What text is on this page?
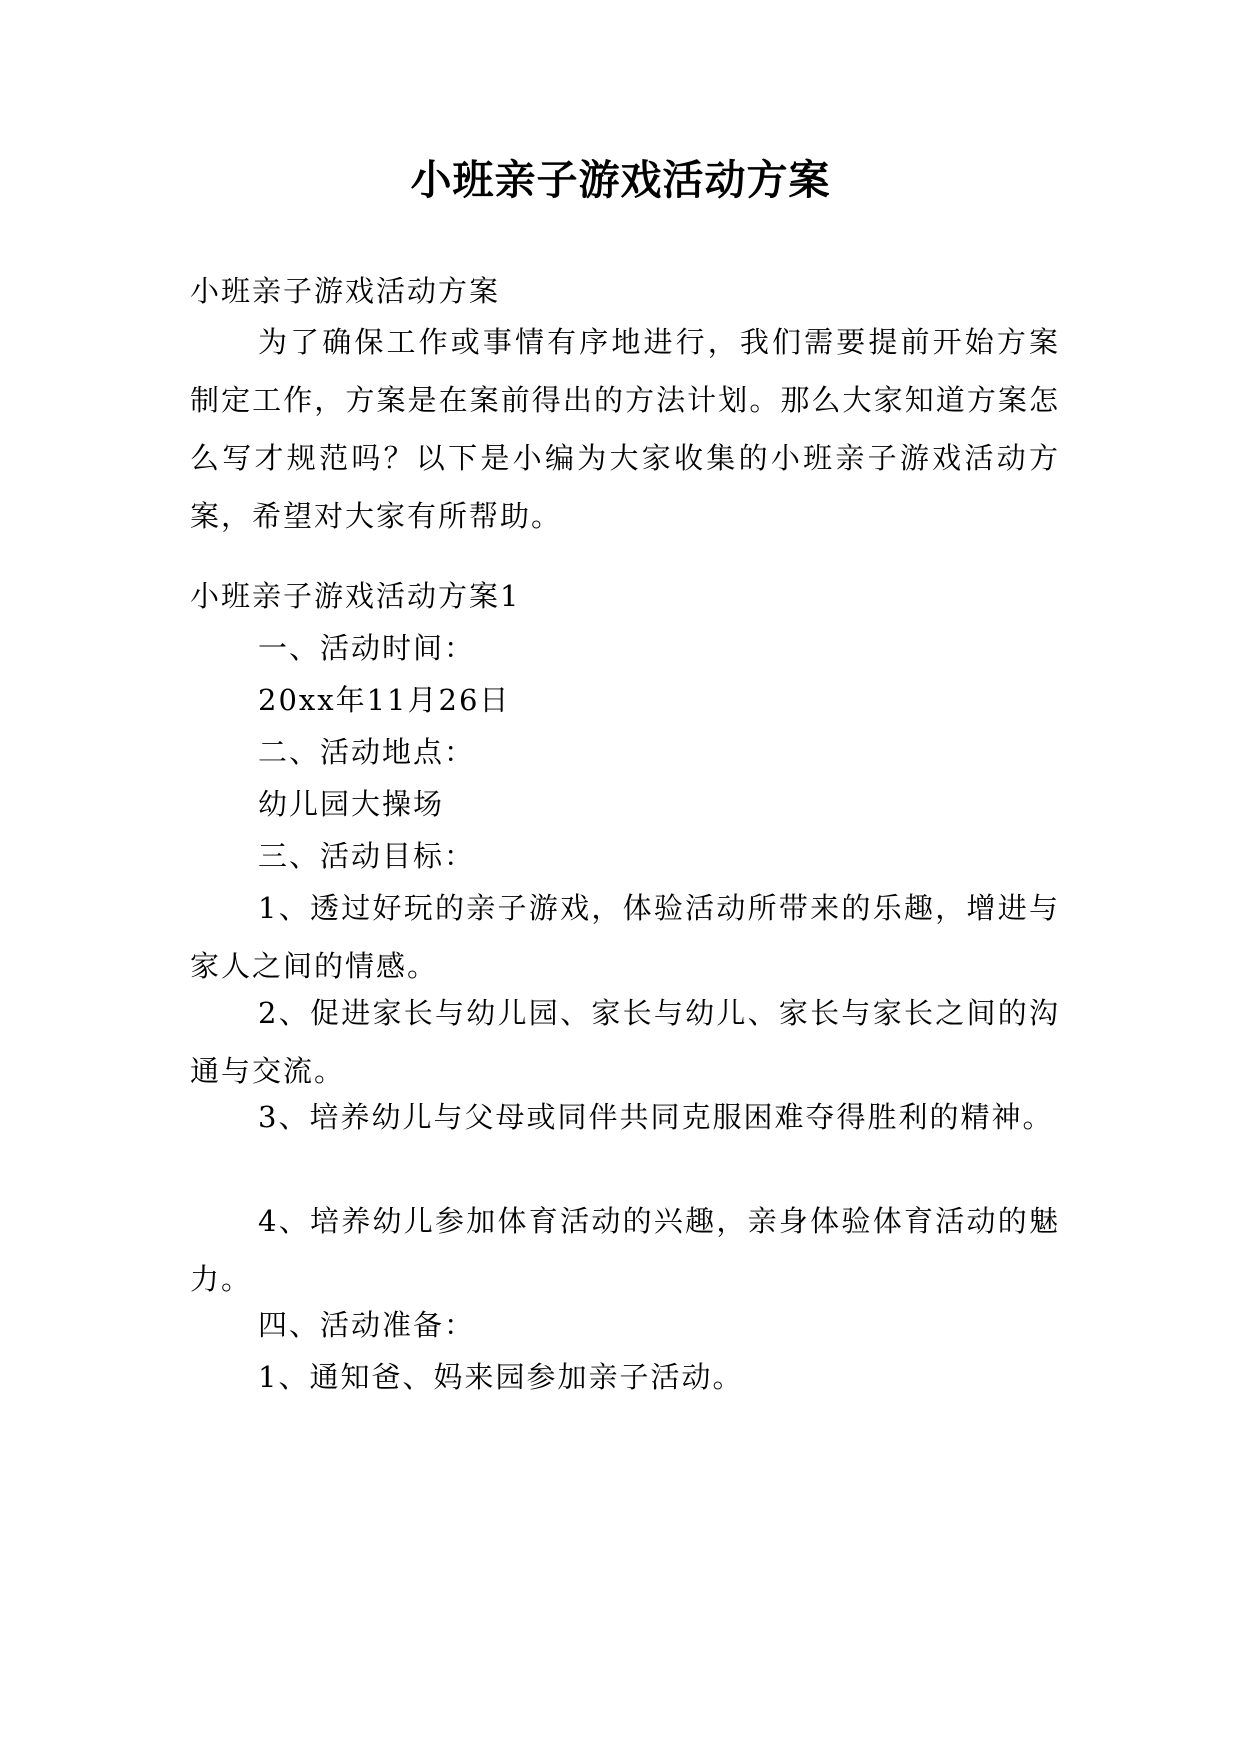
小班亲子游戏活动方案
小班亲子游戏活动方案
为了确保工作或事情有序地进行，我们需要提前开始方案制定工作，方案是在案前得出的方法计划。那么大家知道方案怎么写才规范吗？以下是小编为大家收集的小班亲子游戏活动方案，希望对大家有所帮助。
小班亲子游戏活动方案1
一、活动时间：
20xx年11月26日
二、活动地点：
幼儿园大操场
三、活动目标：
1、透过好玩的亲子游戏，体验活动所带来的乐趣，增进与家人之间的情感。
2、促进家长与幼儿园、家长与幼儿、家长与家长之间的沟通与交流。
3、培养幼儿与父母或同伴共同克服困难夺得胜利的精神。
4、培养幼儿参加体育活动的兴趣，亲身体验体育活动的魅力。
四、活动准备：
1、通知爸、妈来园参加亲子活动。
